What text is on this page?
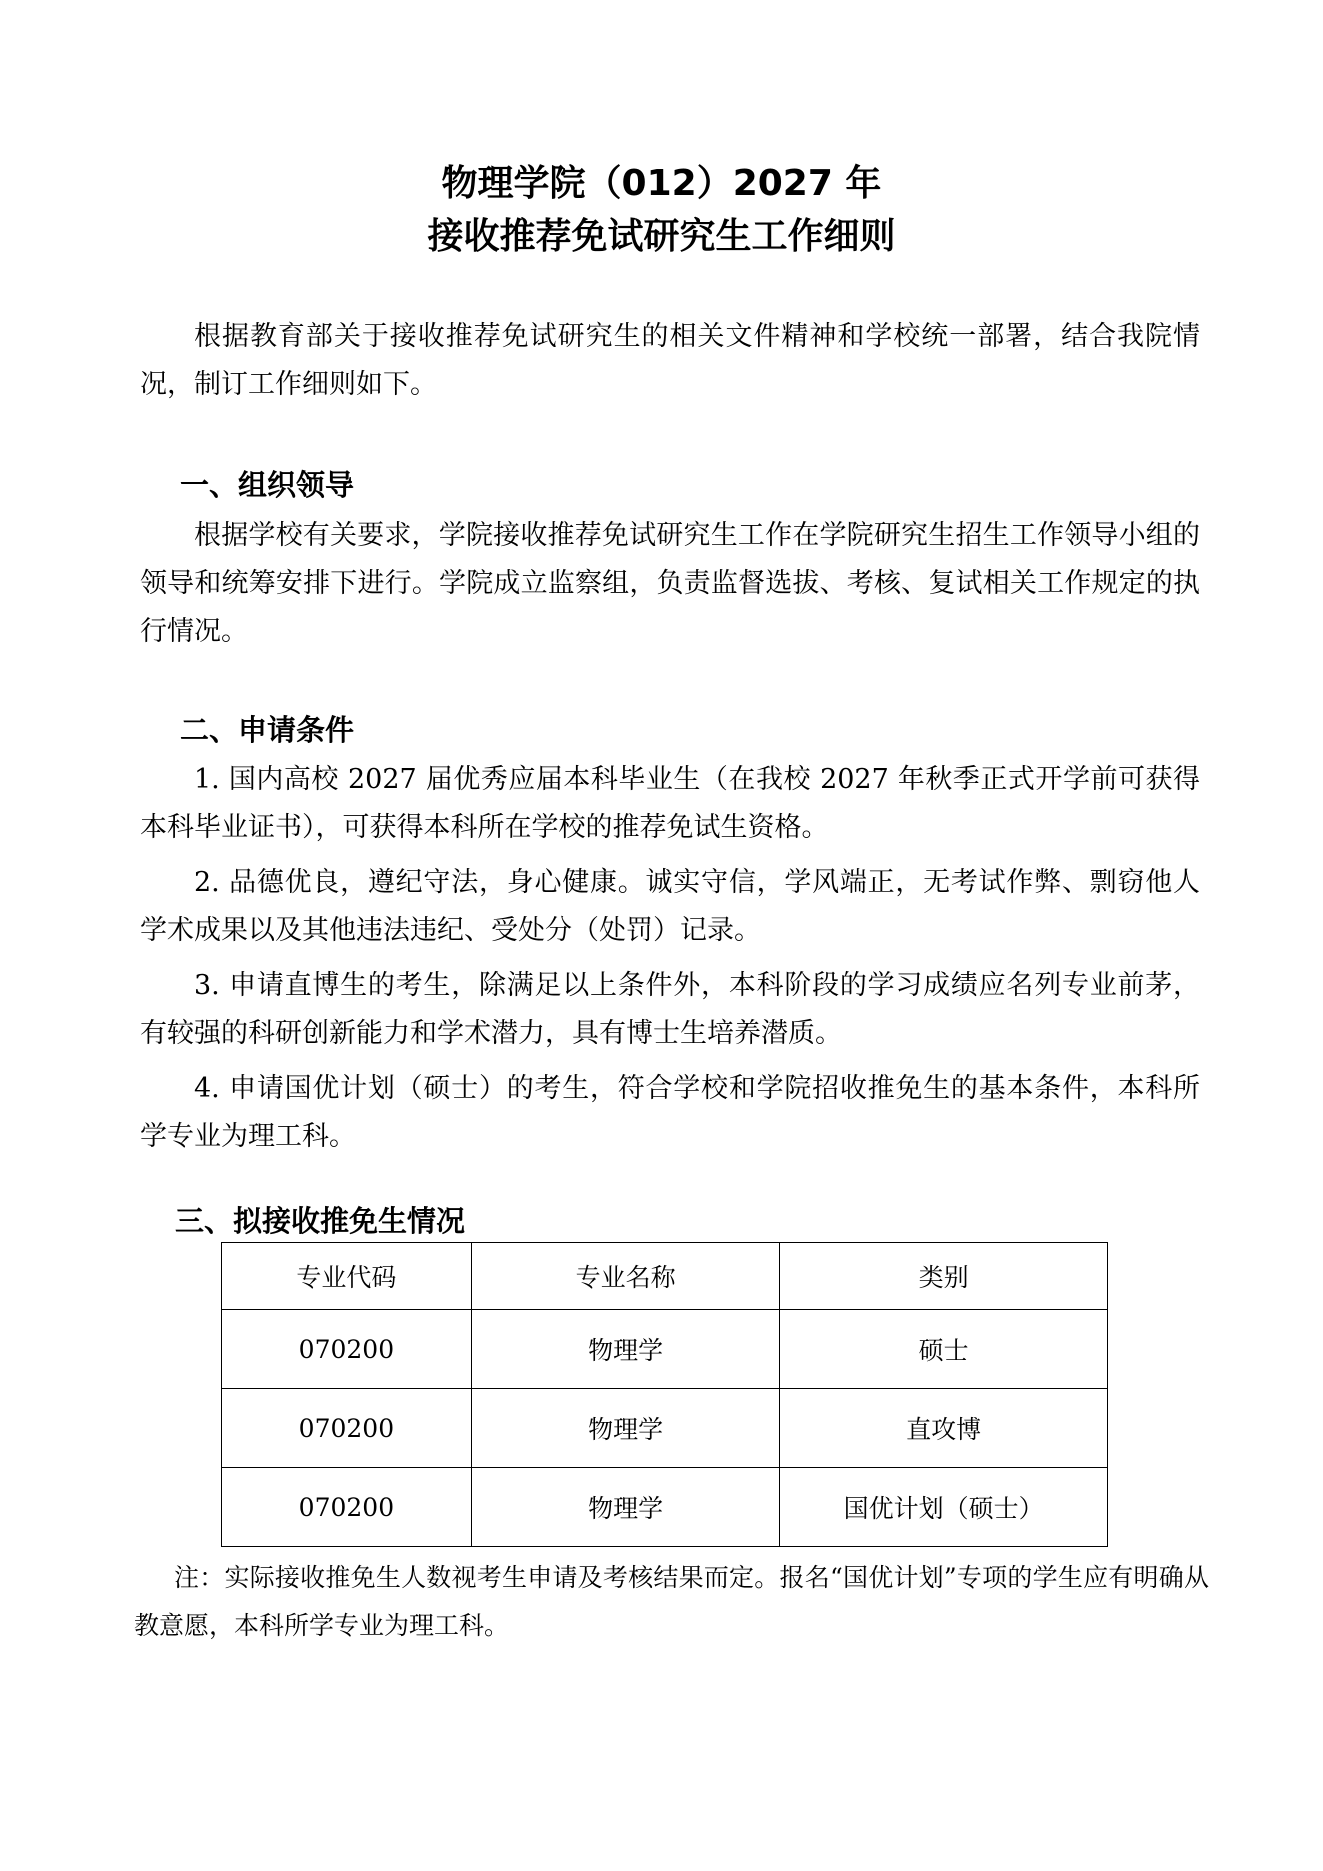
物理学院（012）2027 年
接收推荐免试研究生工作细则

根据教育部关于接收推荐免试研究生的相关文件精神和学校统一部署，结合我院情况，制订工作细则如下。

一、组织领导

根据学校有关要求，学院接收推荐免试研究生工作在学院研究生招生工作领导小组的领导和统筹安排下进行。学院成立监察组，负责监督选拔、考核、复试相关工作规定的执行情况。

二、申请条件

1. 国内高校 2027 届优秀应届本科毕业生（在我校 2027 年秋季正式开学前可获得本科毕业证书），可获得本科所在学校的推荐免试生资格。

2. 品德优良，遵纪守法，身心健康。诚实守信，学风端正，无考试作弊、剽窃他人学术成果以及其他违法违纪、受处分（处罚）记录。

3. 申请直博生的考生，除满足以上条件外，本科阶段的学习成绩应名列专业前茅，有较强的科研创新能力和学术潜力，具有博士生培养潜质。

4. 申请国优计划（硕士）的考生，符合学校和学院招收推免生的基本条件，本科所学专业为理工科。

三、拟接收推免生情况
专业代码	专业名称	类别
070200	物理学	硕士
070200	物理学	直攻博
070200	物理学	国优计划（硕士）

注：实际接收推免生人数视考生申请及考核结果而定。报名“国优计划”专项的学生应有明确从教意愿，本科所学专业为理工科。
